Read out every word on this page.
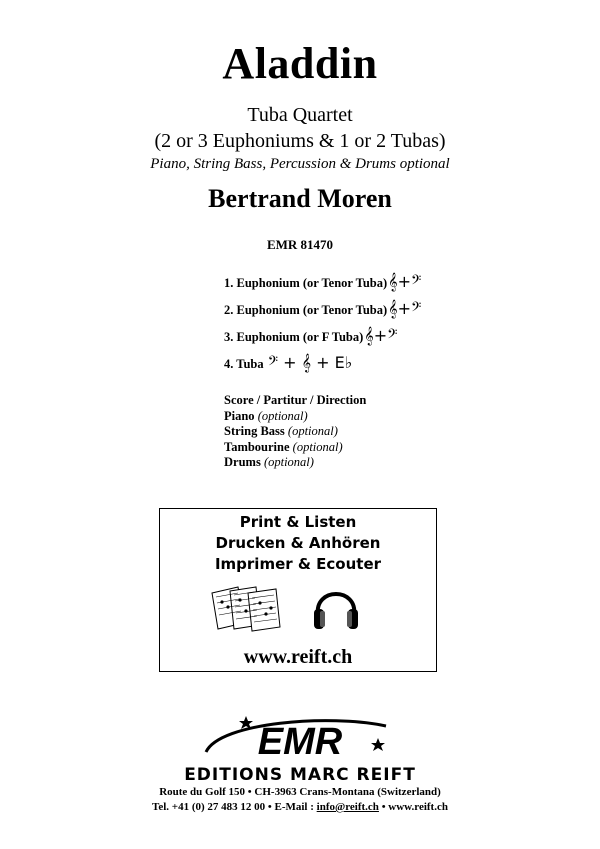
Aladdin
Tuba Quartet
(2 or 3 Euphoniums & 1 or 2 Tubas)
Piano, String Bass, Percussion & Drums optional
Bertrand Moren
EMR 81470
1. Euphonium (or Tenor Tuba)𝄞+𝄢
2. Euphonium (or Tenor Tuba)𝄞+𝄢
3. Euphonium (or F Tuba)𝄞+𝄢
4. Tuba 𝄢 + 𝄞 + E♭
Score / Partitur / Direction
Piano (optional)
String Bass (optional)
Tambourine (optional)
Drums (optional)
Print & Listen
Drucken & Anhören
Imprimer & Ecouter
www.reift.ch
EMR
EDITIONS MARC REIFT
Route du Golf 150 • CH-3963 Crans-Montana (Switzerland)
Tel. +41 (0) 27 483 12 00 • E-Mail : info@reift.ch • www.reift.ch
